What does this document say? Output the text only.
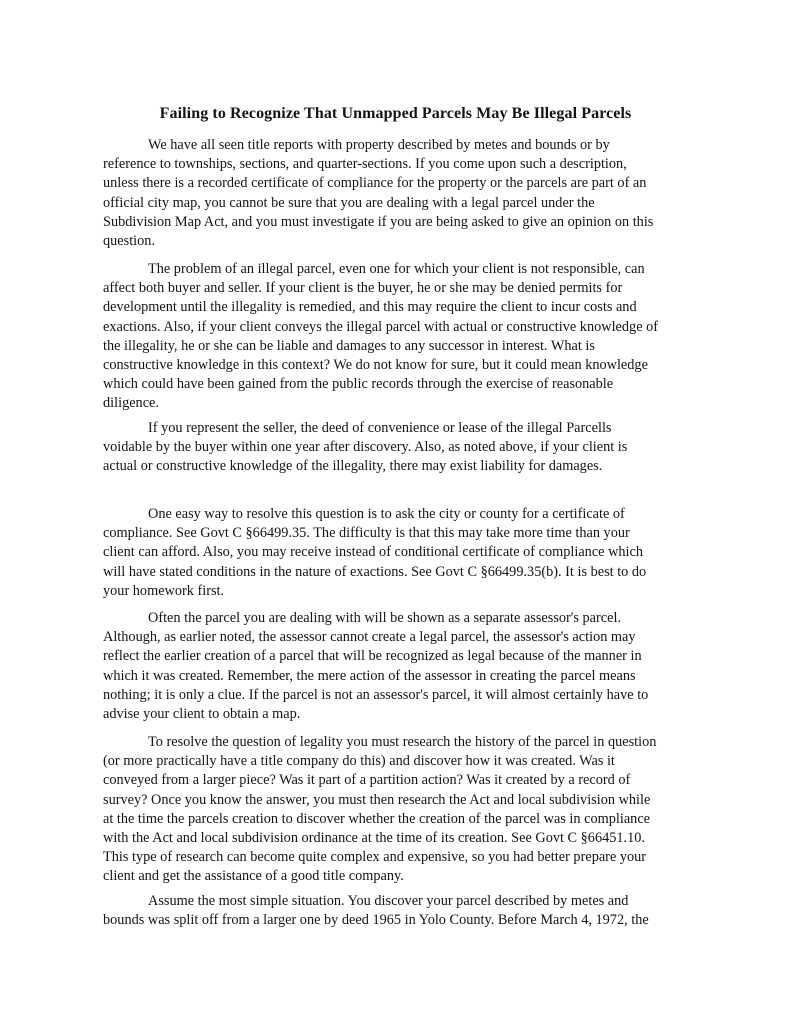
Failing to Recognize That Unmapped Parcels May Be Illegal Parcels
We have all seen title reports with property described by metes and bounds or by
reference to townships, sections, and quarter-sections. If you come upon such a description,
unless there is a recorded certificate of compliance for the property or the parcels are part of an
official city map, you cannot be sure that you are dealing with a legal parcel under the
Subdivision Map Act, and you must investigate if you are being asked to give an opinion on this
question.
The problem of an illegal parcel, even one for which your client is not responsible, can
affect both buyer and seller. If your client is the buyer, he or she may be denied permits for
development until the illegality is remedied, and this may require the client to incur costs and
exactions. Also, if your client conveys the illegal parcel with actual or constructive knowledge of
the illegality, he or she can be liable and damages to any successor in interest. What is
constructive knowledge in this context? We do not know for sure, but it could mean knowledge
which could have been gained from the public records through the exercise of reasonable
diligence.
If you represent the seller, the deed of convenience or lease of the illegal Parcells
voidable by the buyer within one year after discovery. Also, as noted above, if your client is
actual or constructive knowledge of the illegality, there may exist liability for damages.
One easy way to resolve this question is to ask the city or county for a certificate of
compliance. See Govt C §66499.35. The difficulty is that this may take more time than your
client can afford. Also, you may receive instead of conditional certificate of compliance which
will have stated conditions in the nature of exactions. See Govt C §66499.35(b). It is best to do
your homework first.
Often the parcel you are dealing with will be shown as a separate assessor's parcel.
Although, as earlier noted, the assessor cannot create a legal parcel, the assessor's action may
reflect the earlier creation of a parcel that will be recognized as legal because of the manner in
which it was created. Remember, the mere action of the assessor in creating the parcel means
nothing; it is only a clue. If the parcel is not an assessor's parcel, it will almost certainly have to
advise your client to obtain a map.
To resolve the question of legality you must research the history of the parcel in question
(or more practically have a title company do this) and discover how it was created. Was it
conveyed from a larger piece? Was it part of a partition action? Was it created by a record of
survey? Once you know the answer, you must then research the Act and local subdivision while
at the time the parcels creation to discover whether the creation of the parcel was in compliance
with the Act and local subdivision ordinance at the time of its creation. See Govt C §66451.10.
This type of research can become quite complex and expensive, so you had better prepare your
client and get the assistance of a good title company.
Assume the most simple situation. You discover your parcel described by metes and
bounds was split off from a larger one by deed 1965 in Yolo County. Before March 4, 1972, the
